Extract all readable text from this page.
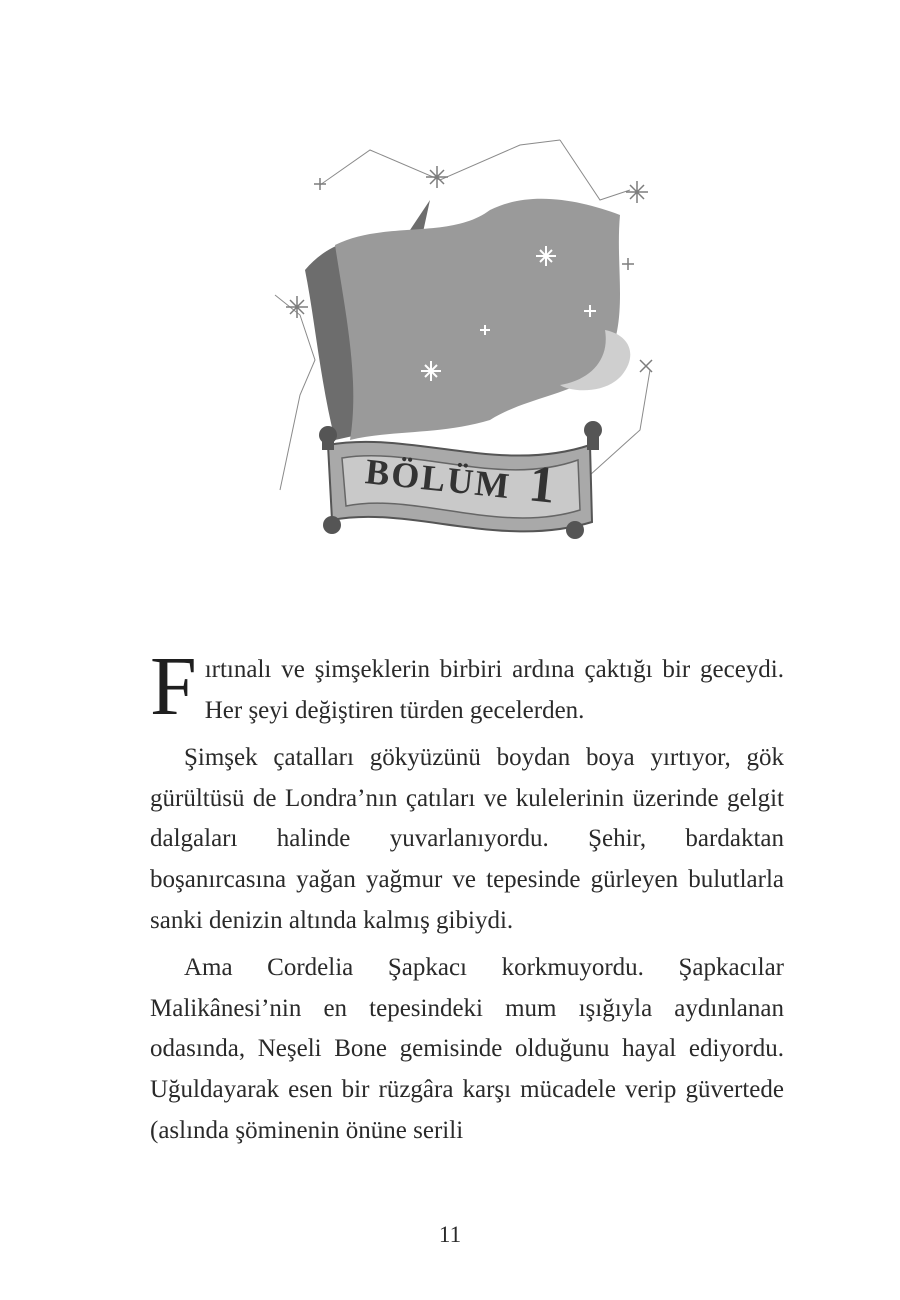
BÖLÜM 1

Fırtınalı ve şimşeklerin birbiri ardına çaktığı bir geceydi. Her şeyi değiştiren türden gecelerden.

Şimşek çatalları gökyüzünü boydan boya yırtıyor, gök gürültüsü de Londra’nın çatıları ve kulelerinin üzerinde gelgit dalgaları halinde yuvarlanıyordu. Şehir, bardaktan boşanırcasına yağan yağmur ve tepesinde gürleyen bulutlarla sanki denizin altında kalmış gibiydi.

Ama Cordelia Şapkacı korkmuyordu. Şapkacılar Malikânesi’nin en tepesindeki mum ışığıyla aydınlanan odasında, Neşeli Bone gemisinde olduğunu hayal ediyordu. Uğuldayarak esen bir rüzgâra karşı mücadele verip güvertede (aslında şöminenin önüne serili

11
